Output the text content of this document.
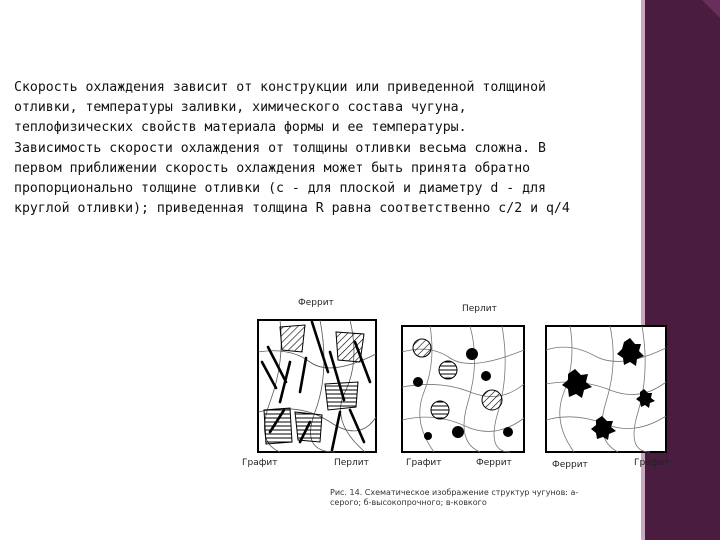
Скорость охлаждения зависит от конструкции или приведенной толщиной отливки, температуры заливки, химического состава чугуна, теплофизических свойств материала формы и ее температуры.

Зависимость скорости охлаждения от толщины отливки весьма сложна. В первом приближении скорость охлаждения может быть принята обратно пропорционально толщине отливки (с - для плоской и диаметру d - для круглой отливки); приведенная толщина R равна соответственно c/2 и q/4

Феррит
Перлит
Графит	Перлит	Графит	Феррит	Феррит	Графит
Рис. 14. Схематическое изображение структур чугунов: а-серого; б-высокопрочного; в-ковкого
